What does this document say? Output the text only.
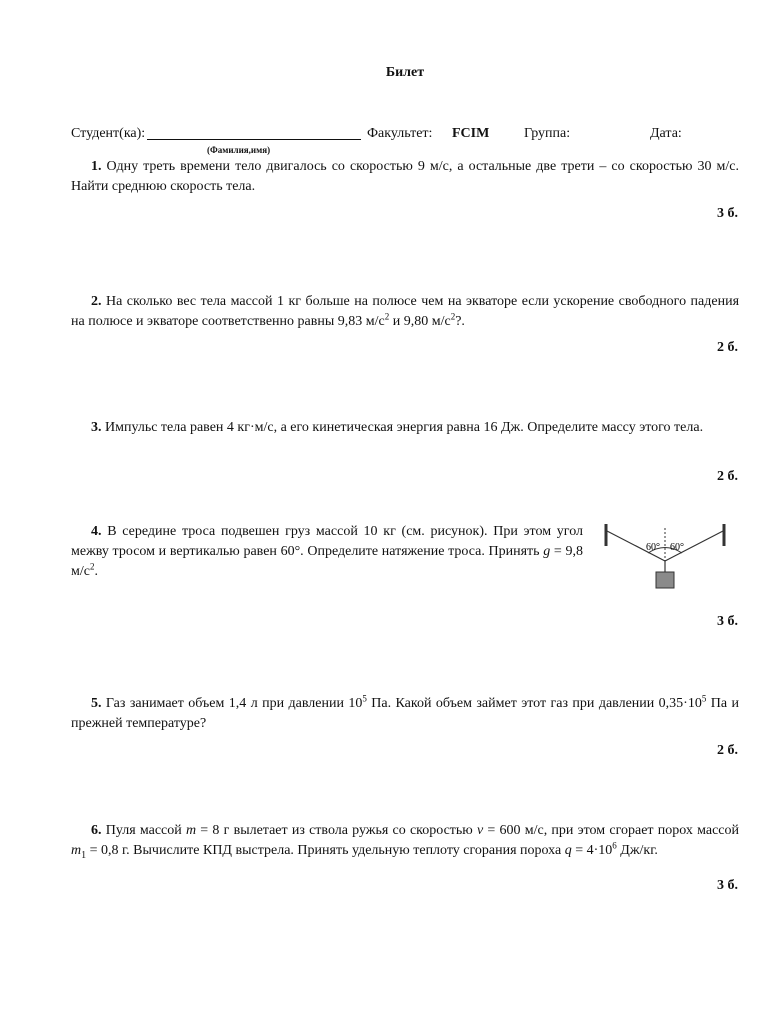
Билет
Студент(ка):	Факультет: FCIM Группа:	Дата:
(Фамилия,имя)
1. Одну треть времени тело двигалось со скоростью 9 м/с, а остальные две трети – со скоростью 30 м/с. Найти среднюю скорость тела.
3 б.
2. На сколько вес тела массой 1 кг больше на полюсе чем на экваторе если ускорение свободного падения на полюсе и экваторе соответственно равны 9,83 $м/с^2$ и 9,80 $м/с^2$?.
2 б.
3. Импульс тела равен 4 кг·м/с, а его кинетическая энергия равна 16 Дж. Определите массу этого тела.
2 б.
4. В середине троса подвешен груз массой 10 кг (см. рисунок). При этом угол межву тросом и вертикалью равен 60°. Определите натяжение троса. Принять g = 9,8 $м/с^2$.
60° 60°
3 б.
5. Газ занимает объем 1,4 л при давлении $10^5$ Па. Какой объем займет этот газ при давлении $0,35\cdot 10^5$ Па и прежней температуре?
2 б.
6. Пуля массой m = 8 г вылетает из ствола ружья со скоростью v = 600 м/с, при этом сгорает порох массой $m_1 = 0,8$ г. Вычислите КПД выстрела. Принять удельную теплоту сгорания пороха $q = 4\cdot 10^6$ Дж/кг.
3 б.
